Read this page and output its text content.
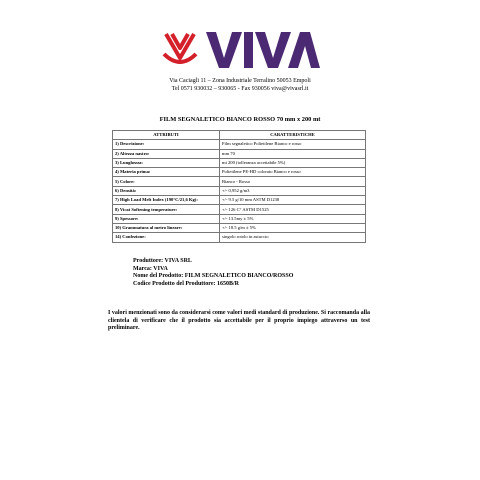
S.R.L.
Via Caciagli 11 – Zona Industriale Terralino 50053 Empoli
Tel 0571 930032 – 930065 - Fax 930056 viva@vivasrl.it
FILM SEGNALETICO BIANCO ROSSO 70 mm x 200 mt
ATTRIBUTI	CARATTERISTICHE
1) Descrizione:	Film segnaletico Polietilene Bianco e rosso
2) Altezza nastro:	mm 70
3) Lunghezza:	mt 200 (tolleranza accettabile 5%)
4) Materia prima:	Polietilene PE-HD colorato Bianco e rosso
5) Colore:	Bianco - Rosso
6) Densità:	+/- 0,952 g/m3
7) High Load Melt Index (190°C/21,6 Kg):	+/- 9.5 g/10 mm ASTM D1238
8) Vicat Softening temperature:	+/- 126 C° ASTM D1525
9) Spessore:	+/- 13.5my ± 5%
10) Grammatura al metro lineare:	+/- 18.5 g/m ± 5%
14) Confezione:	singolo rotolo in astuccio
Produttore: VIVA SRL
Marca: VIVA
Nome del Prodotto: FILM SEGNALETICO BIANCO/ROSSO
Codice Prodotto del Produttore: 1650B/R
I valori menzionati sono da considerarsi come valori medi standard di produzione. Si raccomanda alla clientela di verificare che il prodotto sia accettabile per il proprio impiego attraverso un test preliminare.
